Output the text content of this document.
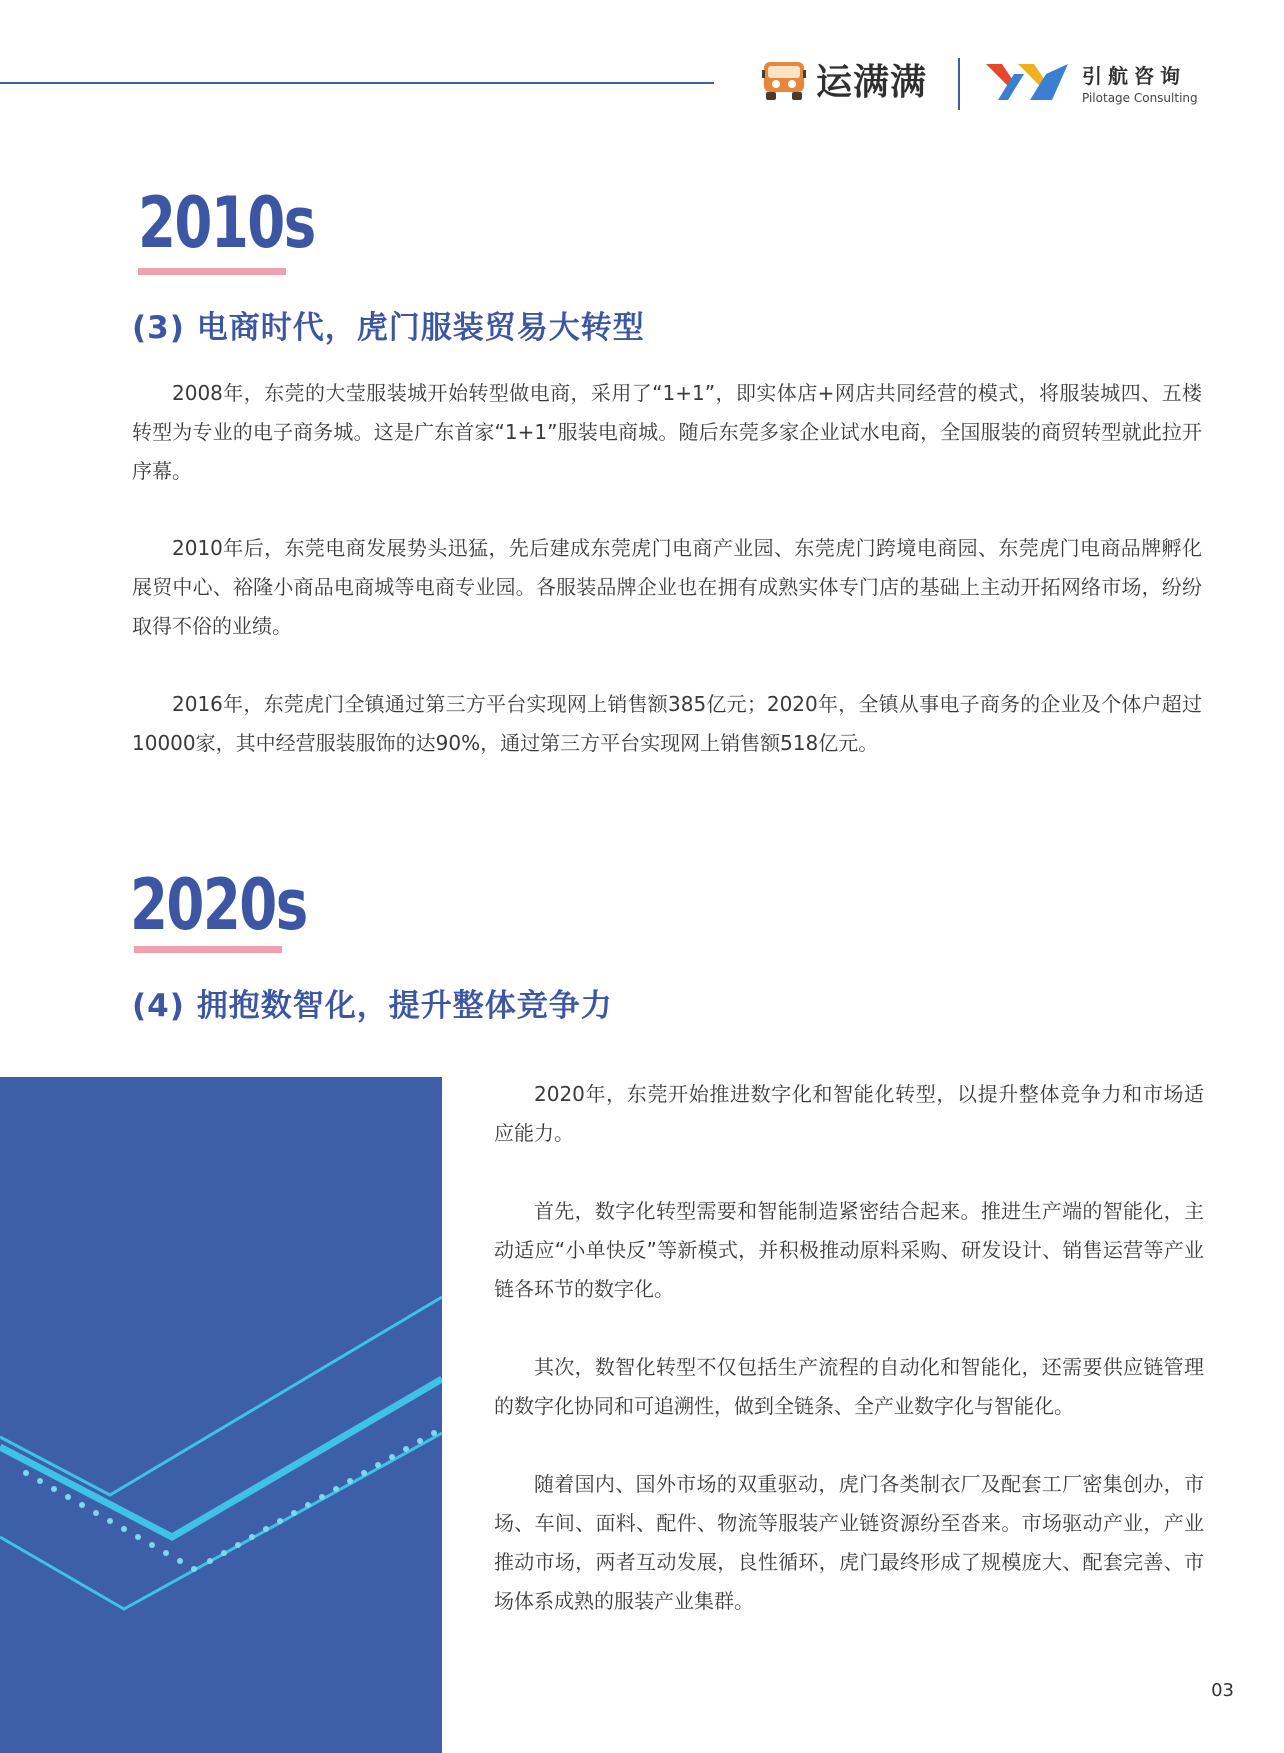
运满满	引航咨询
Pilotage Consulting
2010s
(3) 电商时代，虎门服装贸易大转型

2008年，东莞的大莹服装城开始转型做电商，采用了“1+1”，即实体店+网店共同经营的模式，将服装城四、五楼转型为专业的电子商务城。这是广东首家“1+1”服装电商城。随后东莞多家企业试水电商，全国服装的商贸转型就此拉开序幕。

2010年后，东莞电商发展势头迅猛，先后建成东莞虎门电商产业园、东莞虎门跨境电商园、东莞虎门电商品牌孵化展贸中心、裕隆小商品电商城等电商专业园。各服装品牌企业也在拥有成熟实体专门店的基础上主动开拓网络市场，纷纷取得不俗的业绩。

2016年，东莞虎门全镇通过第三方平台实现网上销售额385亿元；2020年，全镇从事电子商务的企业及个体户超过10000家，其中经营服装服饰的达90%，通过第三方平台实现网上销售额518亿元。

2020s
(4) 拥抱数智化，提升整体竞争力

2020年，东莞开始推进数字化和智能化转型，以提升整体竞争力和市场适应能力。

首先，数字化转型需要和智能制造紧密结合起来。推进生产端的智能化，主动适应“小单快反”等新模式，并积极推动原料采购、研发设计、销售运营等产业链各环节的数字化。

其次，数智化转型不仅包括生产流程的自动化和智能化，还需要供应链管理的数字化协同和可追溯性，做到全链条、全产业数字化与智能化。

随着国内、国外市场的双重驱动，虎门各类制衣厂及配套工厂密集创办，市场、车间、面料、配件、物流等服装产业链资源纷至沓来。市场驱动产业，产业推动市场，两者互动发展，良性循环，虎门最终形成了规模庞大、配套完善、市场体系成熟的服装产业集群。

03
